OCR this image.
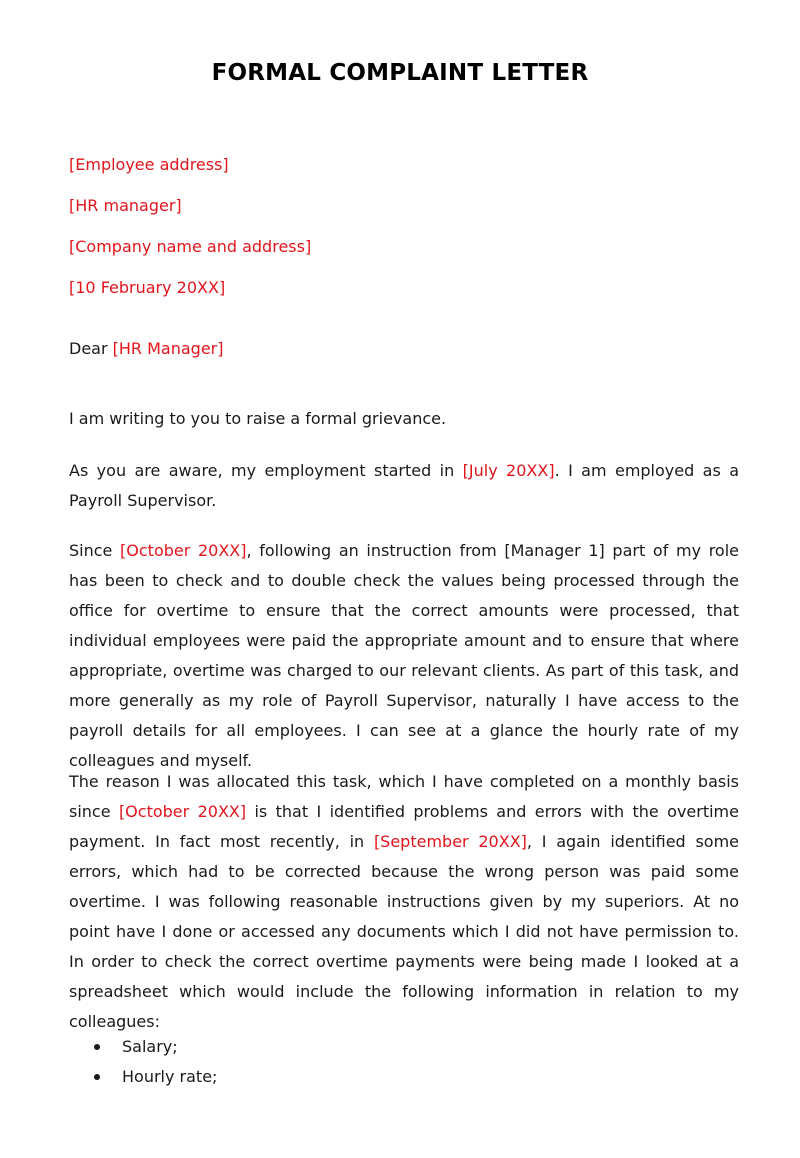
FORMAL COMPLAINT LETTER
[Employee address]
[HR manager]
[Company name and address]
[10 February 20XX]
Dear [HR Manager]
I am writing to you to raise a formal grievance.
As you are aware, my employment started in [July 20XX]. I am employed as a Payroll Supervisor.
Since [October 20XX], following an instruction from [Manager 1] part of my role has been to check and to double check the values being processed through the office for overtime to ensure that the correct amounts were processed, that individual employees were paid the appropriate amount and to ensure that where appropriate, overtime was charged to our relevant clients. As part of this task, and more generally as my role of Payroll Supervisor, naturally I have access to the payroll details for all employees. I can see at a glance the hourly rate of my colleagues and myself.
The reason I was allocated this task, which I have completed on a monthly basis since [October 20XX] is that I identified problems and errors with the overtime payment. In fact most recently, in [September 20XX], I again identified some errors, which had to be corrected because the wrong person was paid some overtime. I was following reasonable instructions given by my superiors. At no point have I done or accessed any documents which I did not have permission to. In order to check the correct overtime payments were being made I looked at a spreadsheet which would include the following information in relation to my colleagues:
Salary;
Hourly rate;
